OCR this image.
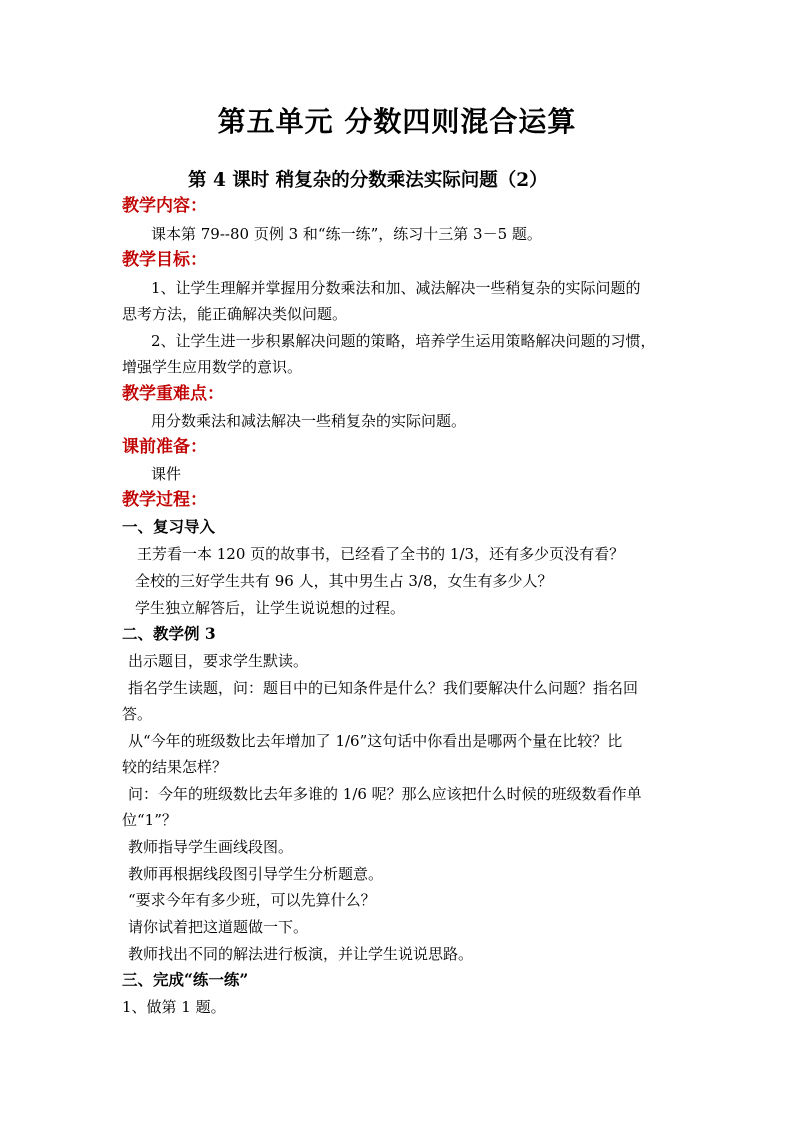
第五单元 分数四则混合运算
第 4 课时 稍复杂的分数乘法实际问题（2）
教学内容：
课本第 79--80 页例 3 和“练一练”，练习十三第 3－5 题。
教学目标：
1、让学生理解并掌握用分数乘法和加、减法解决一些稍复杂的实际问题的
思考方法，能正确解决类似问题。
2、让学生进一步积累解决问题的策略，培养学生运用策略解决问题的习惯，
增强学生应用数学的意识。
教学重难点：
用分数乘法和减法解决一些稍复杂的实际问题。
课前准备：
课件
教学过程：
一、复习导入
王芳看一本 120 页的故事书，已经看了全书的 1/3，还有多少页没有看？
全校的三好学生共有 96 人，其中男生占 3/8，女生有多少人？
学生独立解答后，让学生说说想的过程。
二、教学例 3
出示题目，要求学生默读。
指名学生读题，问：题目中的已知条件是什么？我们要解决什么问题？指名回
答。
从“今年的班级数比去年增加了 1/6”这句话中你看出是哪两个量在比较？比
较的结果怎样？
问：今年的班级数比去年多谁的 1/6 呢？那么应该把什么时候的班级数看作单
位“1”？
教师指导学生画线段图。
教师再根据线段图引导学生分析题意。
“要求今年有多少班，可以先算什么？
请你试着把这道题做一下。
教师找出不同的解法进行板演，并让学生说说思路。
三、完成“练一练”
1、做第 1 题。
